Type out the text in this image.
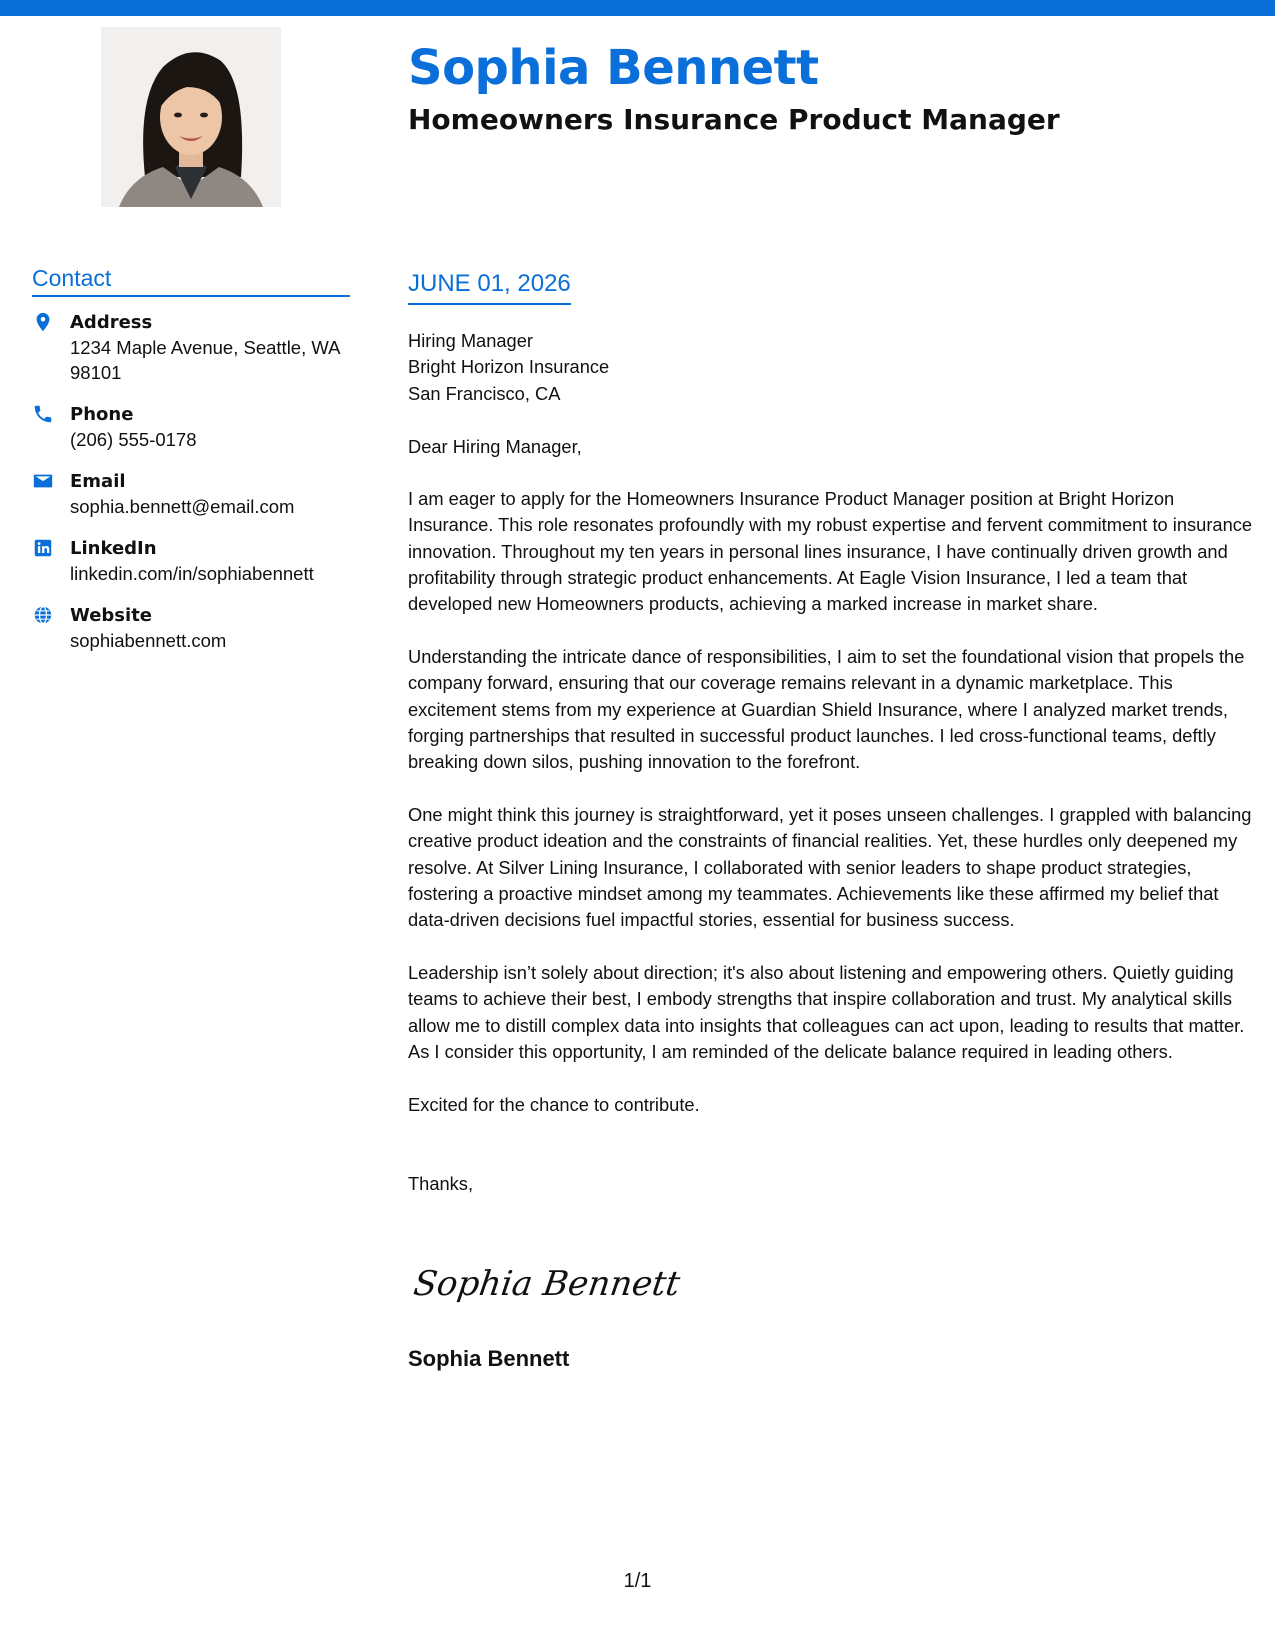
Sophia Bennett
Homeowners Insurance Product Manager
Contact
Address
1234 Maple Avenue, Seattle, WA 98101
Phone
(206) 555-0178
Email
sophia.bennett@email.com
LinkedIn
linkedin.com/in/sophiabennett
Website
sophiabennett.com
JUNE 01, 2026

Hiring Manager
Bright Horizon Insurance
San Francisco, CA

Dear Hiring Manager,

I am eager to apply for the Homeowners Insurance Product Manager position at Bright Horizon Insurance. This role resonates profoundly with my robust expertise and fervent commitment to insurance innovation. Throughout my ten years in personal lines insurance, I have continually driven growth and profitability through strategic product enhancements. At Eagle Vision Insurance, I led a team that developed new Homeowners products, achieving a marked increase in market share.

Understanding the intricate dance of responsibilities, I aim to set the foundational vision that propels the company forward, ensuring that our coverage remains relevant in a dynamic marketplace. This excitement stems from my experience at Guardian Shield Insurance, where I analyzed market trends, forging partnerships that resulted in successful product launches. I led cross-functional teams, deftly breaking down silos, pushing innovation to the forefront.

One might think this journey is straightforward, yet it poses unseen challenges. I grappled with balancing creative product ideation and the constraints of financial realities. Yet, these hurdles only deepened my resolve. At Silver Lining Insurance, I collaborated with senior leaders to shape product strategies, fostering a proactive mindset among my teammates. Achievements like these affirmed my belief that data-driven decisions fuel impactful stories, essential for business success.

Leadership isn’t solely about direction; it's also about listening and empowering others. Quietly guiding teams to achieve their best, I embody strengths that inspire collaboration and trust. My analytical skills allow me to distill complex data into insights that colleagues can act upon, leading to results that matter. As I consider this opportunity, I am reminded of the delicate balance required in leading others.

Excited for the chance to contribute.

Thanks,

Sophia Bennett
Sophia Bennett
1/1
